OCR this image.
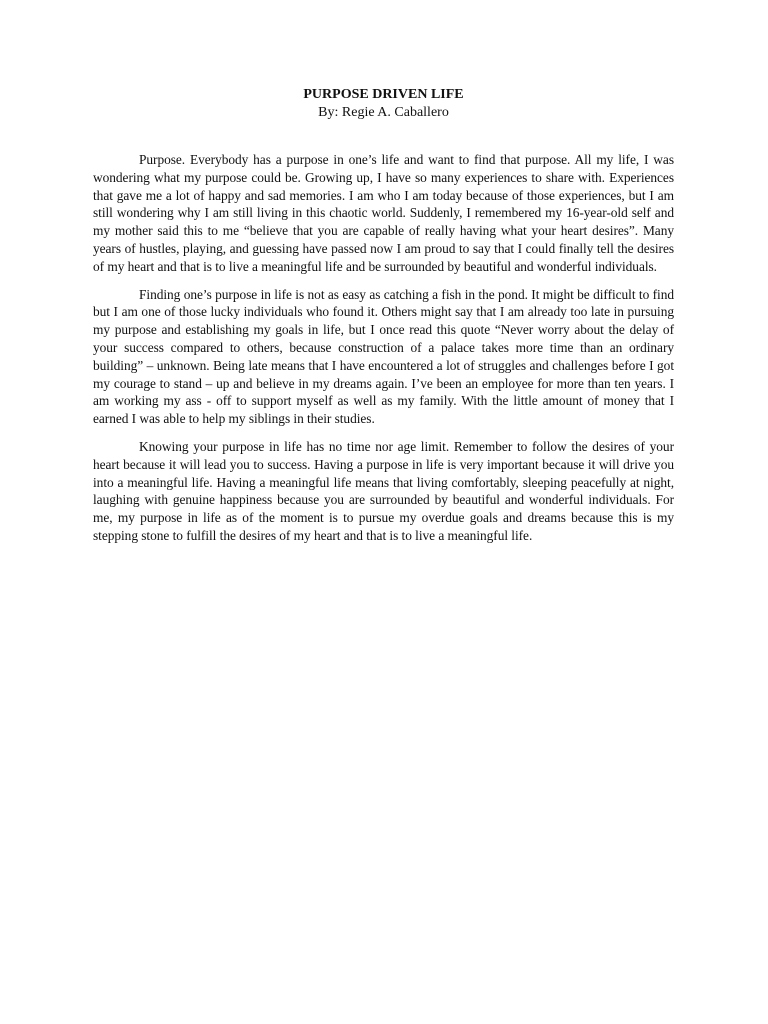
PURPOSE DRIVEN LIFE

By: Regie A. Caballero

Purpose. Everybody has a purpose in one’s life and want to find that purpose. All my life, I was wondering what my purpose could be. Growing up, I have so many experiences to share with. Experiences that gave me a lot of happy and sad memories. I am who I am today because of those experiences, but I am still wondering why I am still living in this chaotic world. Suddenly, I remembered my 16-year-old self and my mother said this to me “believe that you are capable of really having what your heart desires”. Many years of hustles, playing, and guessing have passed now I am proud to say that I could finally tell the desires of my heart and that is to live a meaningful life and be surrounded by beautiful and wonderful individuals.

Finding one’s purpose in life is not as easy as catching a fish in the pond. It might be difficult to find but I am one of those lucky individuals who found it. Others might say that I am already too late in pursuing my purpose and establishing my goals in life, but I once read this quote “Never worry about the delay of your success compared to others, because construction of a palace takes more time than an ordinary building” – unknown. Being late means that I have encountered a lot of struggles and challenges before I got my courage to stand – up and believe in my dreams again. I’ve been an employee for more than ten years. I am working my ass - off to support myself as well as my family. With the little amount of money that I earned I was able to help my siblings in their studies.

Knowing your purpose in life has no time nor age limit. Remember to follow the desires of your heart because it will lead you to success. Having a purpose in life is very important because it will drive you into a meaningful life. Having a meaningful life means that living comfortably, sleeping peacefully at night, laughing with genuine happiness because you are surrounded by beautiful and wonderful individuals. For me, my purpose in life as of the moment is to pursue my overdue goals and dreams because this is my stepping stone to fulfill the desires of my heart and that is to live a meaningful life.
